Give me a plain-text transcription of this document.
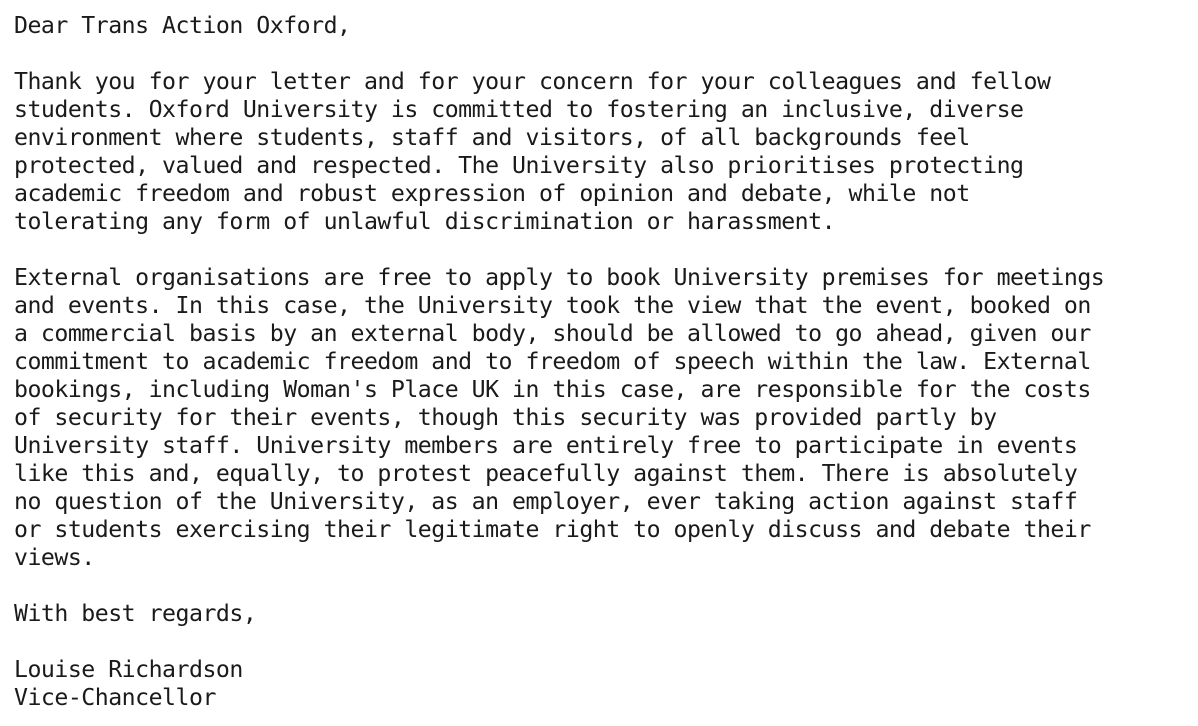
Dear Trans Action Oxford,
Thank you for your letter and for your concern for your colleagues and fellow
students. Oxford University is committed to fostering an inclusive, diverse
environment where students, staff and visitors, of all backgrounds feel
protected, valued and respected. The University also prioritises protecting
academic freedom and robust expression of opinion and debate, while not
tolerating any form of unlawful discrimination or harassment.
External organisations are free to apply to book University premises for meetings
and events. In this case, the University took the view that the event, booked on
a commercial basis by an external body, should be allowed to go ahead, given our
commitment to academic freedom and to freedom of speech within the law. External
bookings, including Woman's Place UK in this case, are responsible for the costs
of security for their events, though this security was provided partly by
University staff. University members are entirely free to participate in events
like this and, equally, to protest peacefully against them. There is absolutely
no question of the University, as an employer, ever taking action against staff
or students exercising their legitimate right to openly discuss and debate their
views.
With best regards,
Louise Richardson
Vice-Chancellor
